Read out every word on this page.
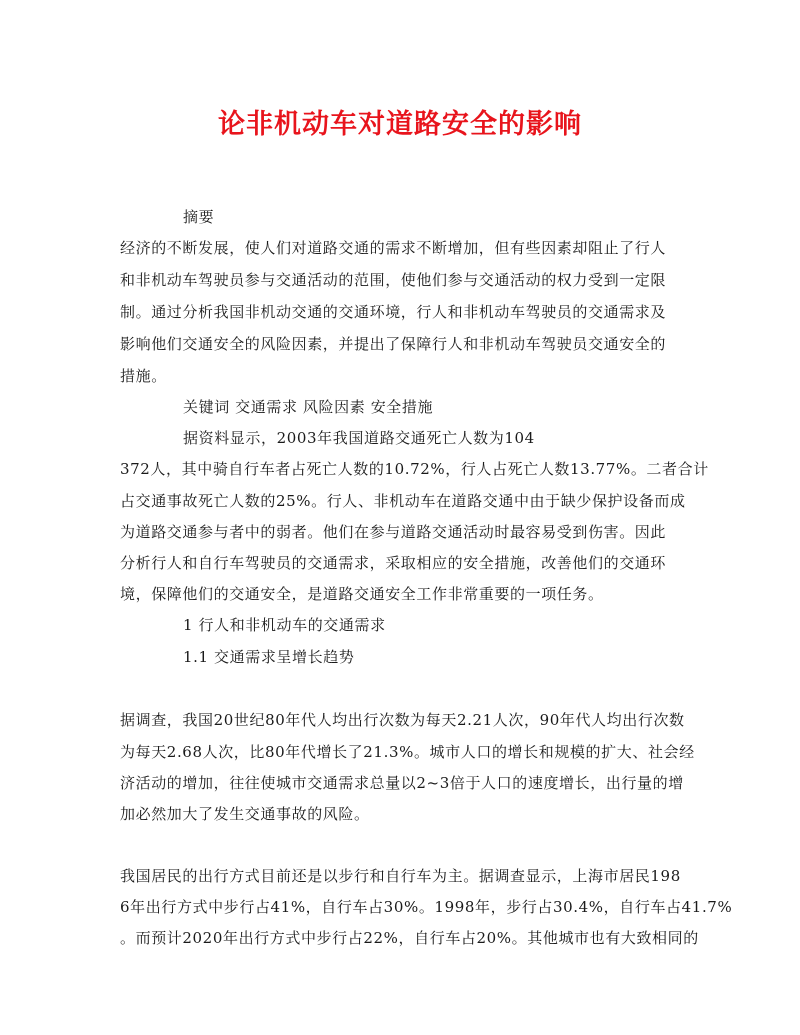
论非机动车对道路安全的影响
摘要
经济的不断发展，使人们对道路交通的需求不断增加，但有些因素却阻止了行人
和非机动车驾驶员参与交通活动的范围，使他们参与交通活动的权力受到一定限
制。通过分析我国非机动交通的交通环境，行人和非机动车驾驶员的交通需求及
影响他们交通安全的风险因素，并提出了保障行人和非机动车驾驶员交通安全的
措施。
关键词 交通需求 风险因素 安全措施
据资料显示，2003年我国道路交通死亡人数为104
372人，其中骑自行车者占死亡人数的10.72%，行人占死亡人数13.77%。二者合计
占交通事故死亡人数的25%。行人、非机动车在道路交通中由于缺少保护设备而成
为道路交通参与者中的弱者。他们在参与道路交通活动时最容易受到伤害。因此
分析行人和自行车驾驶员的交通需求，采取相应的安全措施，改善他们的交通环
境，保障他们的交通安全，是道路交通安全工作非常重要的一项任务。
1 行人和非机动车的交通需求
1.1 交通需求呈增长趋势
据调查，我国20世纪80年代人均出行次数为每天2.21人次，90年代人均出行次数
为每天2.68人次，比80年代增长了21.3%。城市人口的增长和规模的扩大、社会经
济活动的增加，往往使城市交通需求总量以2~3倍于人口的速度增长，出行量的增
加必然加大了发生交通事故的风险。
我国居民的出行方式目前还是以步行和自行车为主。据调查显示，上海市居民198
6年出行方式中步行占41%，自行车占30%。1998年，步行占30.4%，自行车占41.7%
。而预计2020年出行方式中步行占22%，自行车占20%。其他城市也有大致相同的
